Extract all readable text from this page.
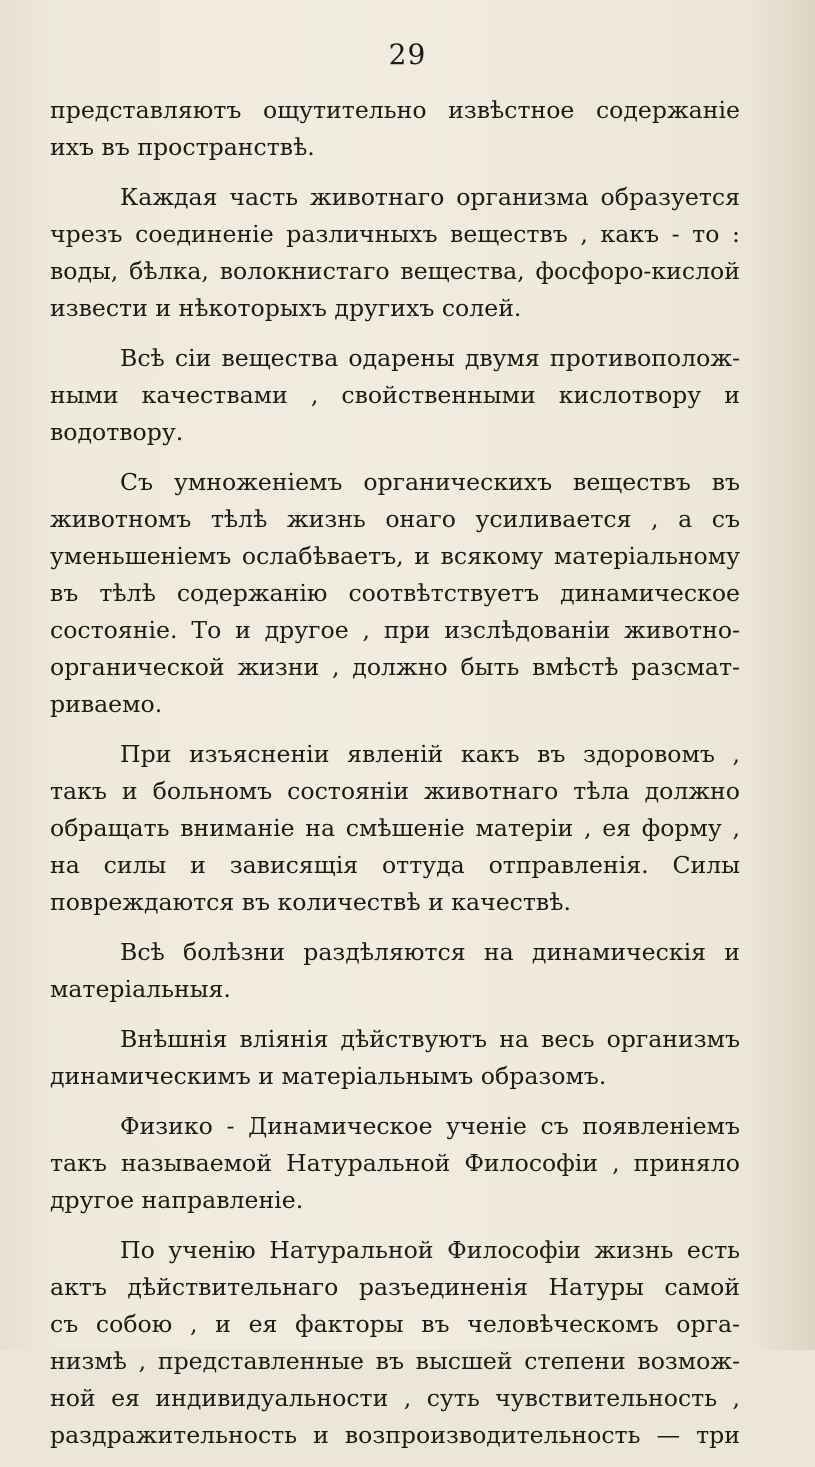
29
представляютъ ощутительно извѣстное содержаніе
ихъ въ пространствѣ.
Каждая часть животнаго организма образуется
чрезъ соединеніе различныхъ веществъ , какъ - то :
воды, бѣлка, волокнистаго вещества, фосфоро-кислой
извести и нѣкоторыхъ другихъ солей.
Всѣ сіи вещества одарены двумя противополож-
ными качествами , свойственными кислотвору и
водотвору.
Съ умноженіемъ органическихъ веществъ въ
животномъ тѣлѣ жизнь онаго усиливается , а съ
уменьшеніемъ ослабѣваетъ, и всякому матеріальному
въ тѣлѣ содержанію соотвѣтствуетъ динамическое
состояніе. То и другое , при изслѣдованіи животно-
органической жизни , должно быть вмѣстѣ разсмат-
риваемо.
При изъясненіи явленій какъ въ здоровомъ ,
такъ и больномъ состояніи животнаго тѣла должно
обращать вниманіе на смѣшеніе матеріи , ея форму ,
на силы и зависящія оттуда отправленія. Силы
повреждаются въ количествѣ и качествѣ.
Всѣ болѣзни раздѣляются на динамическія и
матеріальныя.
Внѣшнія вліянія дѣйствуютъ на весь организмъ
динамическимъ и матеріальнымъ образомъ.
Физико - Динамическое ученіе съ появленіемъ
такъ называемой Натуральной Философіи , приняло
другое направленіе.
По ученію Натуральной Философіи жизнь есть
актъ дѣйствительнаго разъединенія Натуры самой
съ собою , и ея факторы въ человѣческомъ орга-
низмѣ , представленные въ высшей степени возмож-
ной ея индивидуальности , суть чувствительность ,
раздражительность и возпроизводительность — три
